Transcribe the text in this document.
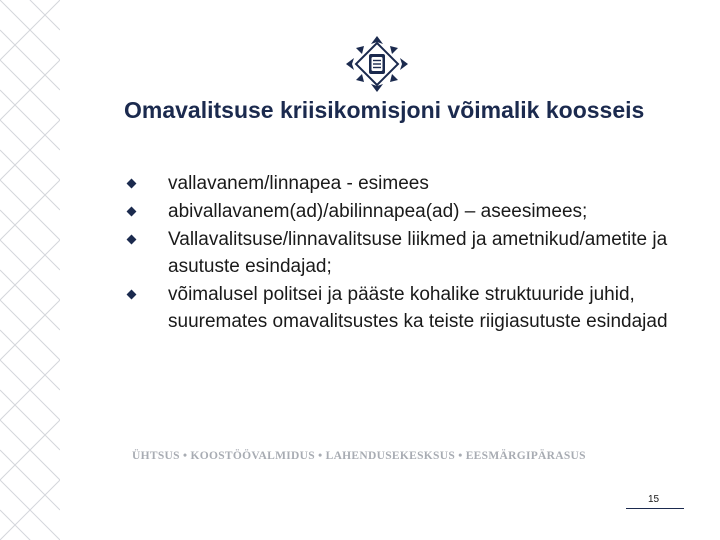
Omavalitsuse kriisikomisjoni võimalik koosseis
vallavanem/linnapea - esimees
abivallavanem(ad)/abilinnapea(ad) – aseesimees;
Vallavalitsuse/linnavalitsuse liikmed ja ametnikud/ametite ja asutuste esindajad;
võimalusel politsei ja pääste kohalike struktuuride juhid, suuremates omavalitsustes ka teiste riigiasutuste esindajad
ÜHTSUS • KOOSTÖÖVALMIDUS • LAHENDUSEKESKSUS • EESMÄRGIPÄRASUS
15
